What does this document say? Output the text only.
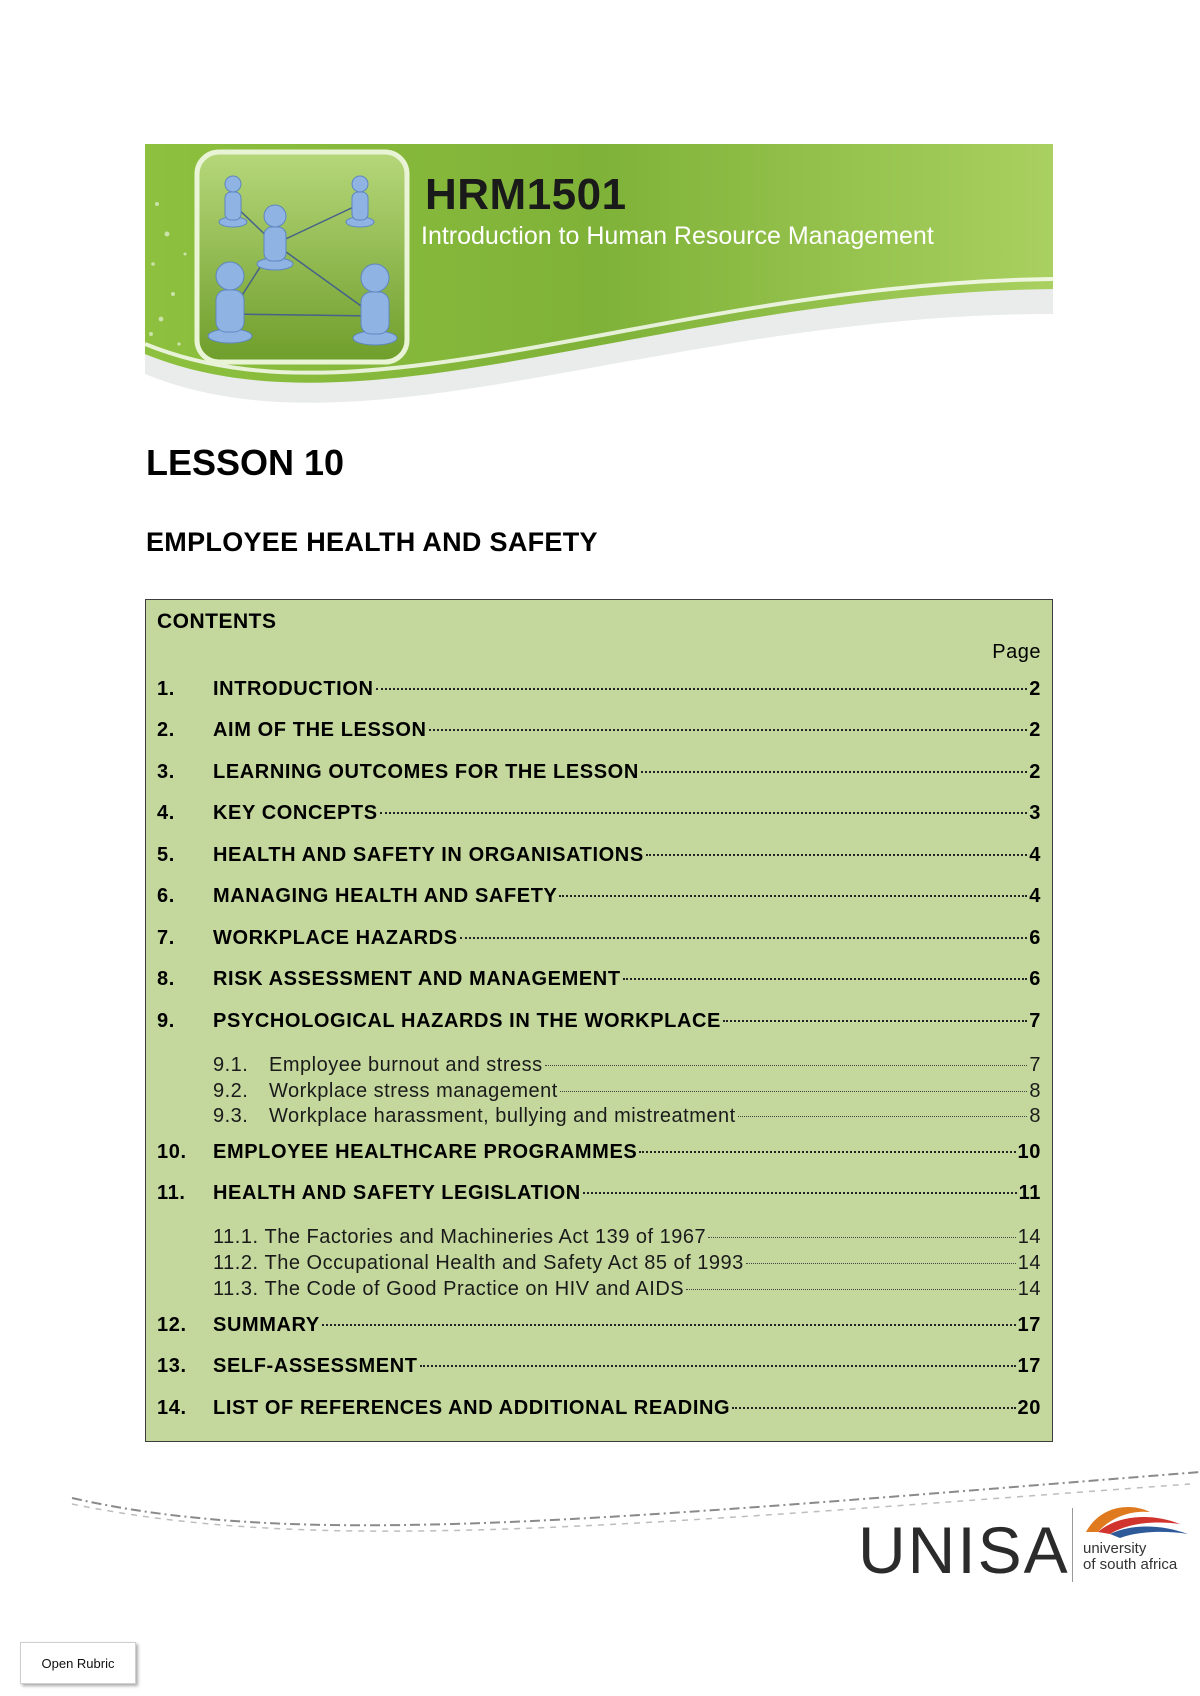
HRM1501
Introduction to Human Resource Management
LESSON 10
EMPLOYEE HEALTH AND SAFETY
CONTENTS
Page
1.	INTRODUCTION	2
2.	AIM OF THE LESSON	2
3.	LEARNING OUTCOMES FOR THE LESSON	2
4.	KEY CONCEPTS	3
5.	HEALTH AND SAFETY IN ORGANISATIONS	4
6.	MANAGING HEALTH AND SAFETY	4
7.	WORKPLACE HAZARDS	6
8.	RISK ASSESSMENT AND MANAGEMENT	6
9.	PSYCHOLOGICAL HAZARDS IN THE WORKPLACE	7
9.1.	Employee burnout and stress	7
9.2.	Workplace stress management	8
9.3.	Workplace harassment, bullying and mistreatment	8
10.	EMPLOYEE HEALTHCARE PROGRAMMES	10
11.	HEALTH AND SAFETY LEGISLATION	11
11.1. The Factories and Machineries Act 139 of 1967	14
11.2. The Occupational Health and Safety Act 85 of 1993	14
11.3. The Code of Good Practice on HIV and AIDS	14
12.	SUMMARY	17
13.	SELF-ASSESSMENT	17
14.	LIST OF REFERENCES AND ADDITIONAL READING	20
UNISA university
of south africa
Open Rubric
